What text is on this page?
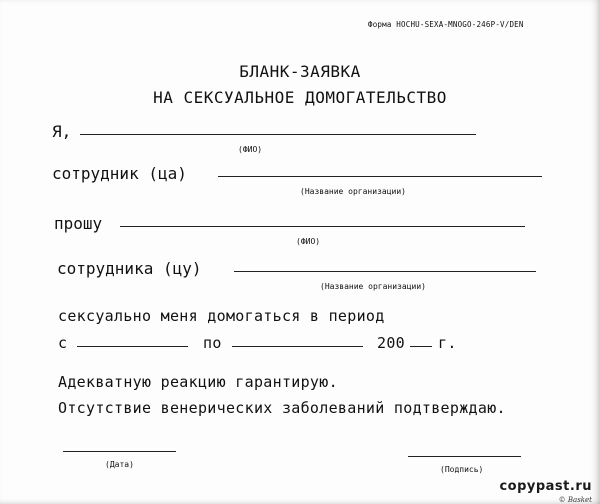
Форма HOCHU-SEXA-MNOGO-246P-V/DEN
БЛАНК-ЗАЯВКА
НА СЕКСУАЛЬНОЕ ДОМОГАТЕЛЬСТВО
Я,
(ФИО)
сотрудник (ца)
(Название организации)
прошу
(ФИО)
сотрудника (цу)
(Название организации)
сексуально меня домогаться в период
с	по	200 г.
Адекватную реакцию гарантирую.
Отсутствие венерических заболеваний подтверждаю.
(Дата)
(Подпись)
copypast.ru
© Basket
